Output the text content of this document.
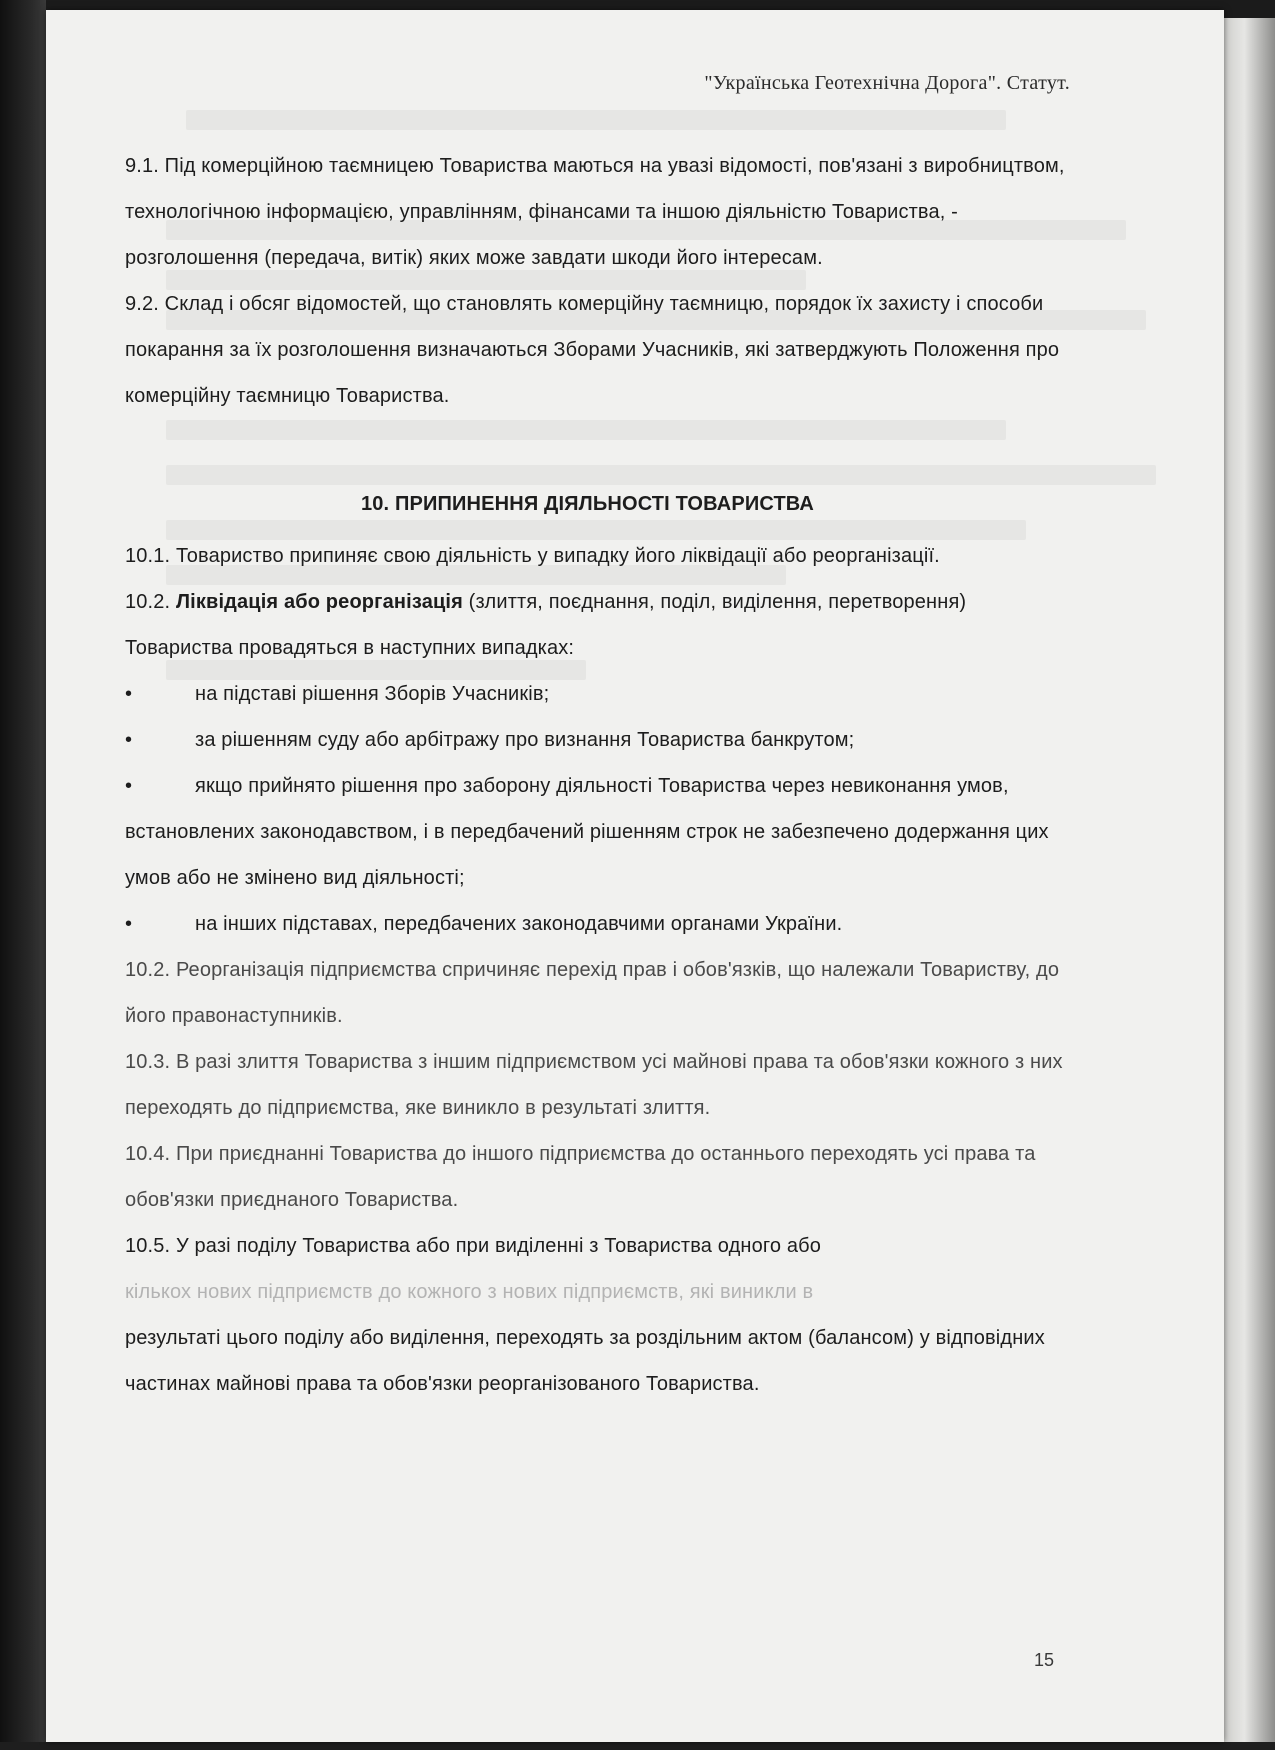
"Українська Геотехнічна Дорога". Статут.

9.1. Під комерційною таємницею Товариства маються на увазі відомості, пов'язані з виробництвом, технологічною інформацією, управлінням, фінансами та іншою діяльністю Товариства, - розголошення (передача, витік) яких може завдати шкоди його інтересам.

9.2. Склад і обсяг відомостей, що становлять комерційну таємницю, порядок їх захисту і способи покарання за їх розголошення визначаються Зборами Учасників, які затверджують Положення про комерційну таємницю Товариства.

10. ПРИПИНЕННЯ ДІЯЛЬНОСТІ ТОВАРИСТВА

10.1. Товариство припиняє свою діяльність у випадку його ліквідації або реорганізації.

10.2. Ліквідація або реорганізація (злиття, поєднання, поділ, виділення, перетворення) Товариства провадяться в наступних випадках:

•	на підставі рішення Зборів Учасників;

•	за рішенням суду або арбітражу про визнання Товариства банкрутом;

•	якщо прийнято рішення про заборону діяльності Товариства через невиконання умов, встановлених законодавством, і в передбачений рішенням строк не забезпечено додержання цих умов або не змінено вид діяльності;

•	на інших підставах, передбачених законодавчими органами України.

10.2. Реорганізація підприємства спричиняє перехід прав і обов'язків, що належали Товариству, до його правонаступників.

10.3. В разі злиття Товариства з іншим підприємством усі майнові права та обов'язки кожного з них переходять до підприємства, яке виникло в результаті злиття.

10.4. При приєднанні Товариства до іншого підприємства до останнього переходять усі права та обов'язки приєднаного Товариства.

10.5. У разі поділу Товариства або при виділенні з Товариства одного або
кількох нових підприємств до кожного з нових підприємств, які виникли в
результаті цього поділу або виділення, переходять за роздільним актом (балансом) у відповідних частинах майнові права та обов'язки реорганізованого Товариства.

15
